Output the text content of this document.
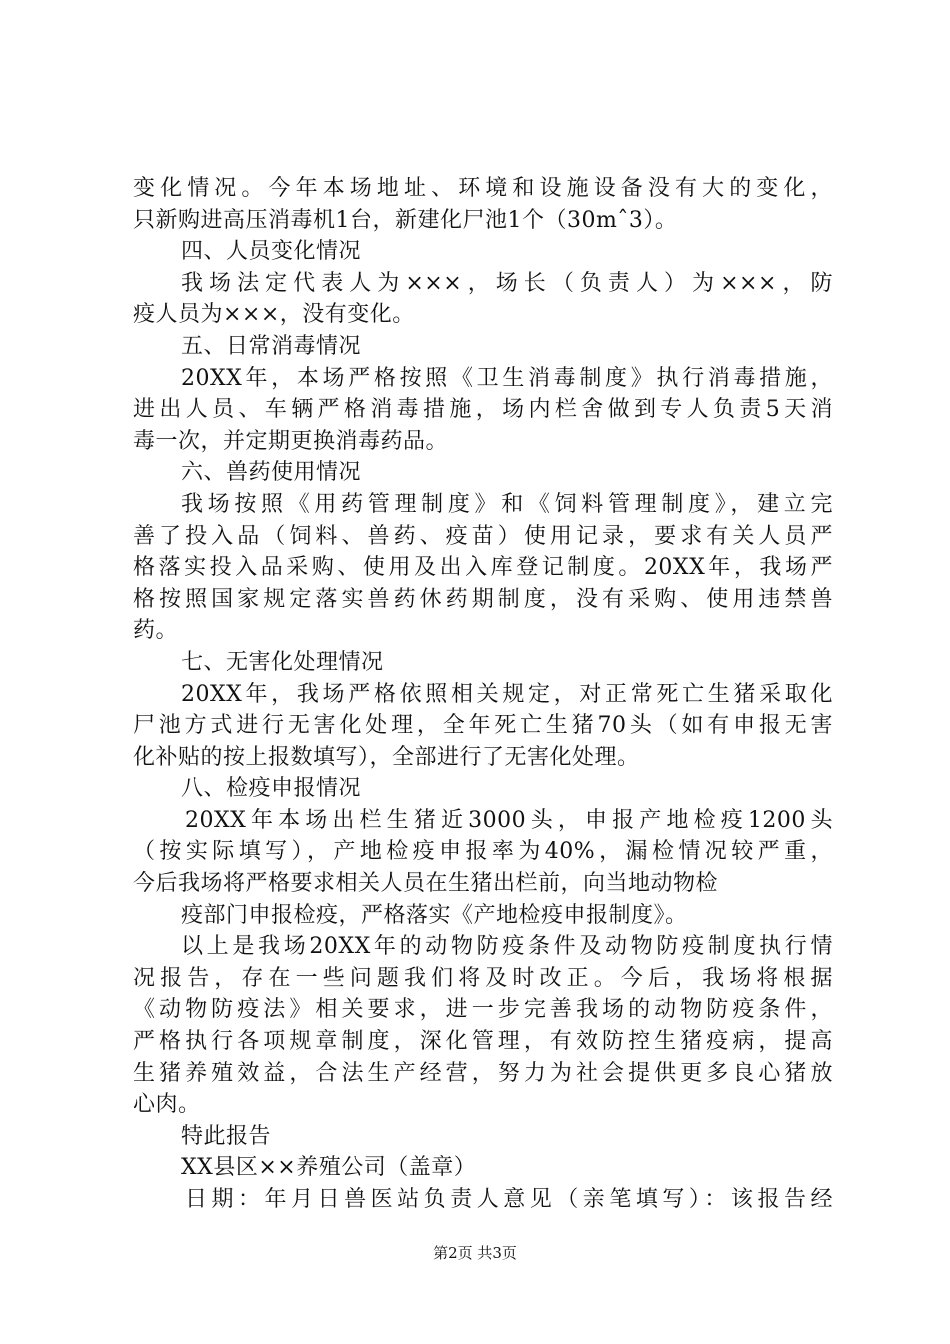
变化情况。今年本场地址、环境和设施设备没有大的变化，
只新购进高压消毒机1台，新建化尸池1个（30mˆ3）。
四、人员变化情况
我场法定代表人为×××，场长（负责人）为×××，防
疫人员为×××，没有变化。
五、日常消毒情况
20XX年，本场严格按照《卫生消毒制度》执行消毒措施，
进出人员、车辆严格消毒措施，场内栏舍做到专人负责5天消
毒一次，并定期更换消毒药品。
六、兽药使用情况
我场按照《用药管理制度》和《饲料管理制度》，建立完
善了投入品（饲料、兽药、疫苗）使用记录，要求有关人员严
格落实投入品采购、使用及出入库登记制度。20XX年，我场严
格按照国家规定落实兽药休药期制度，没有采购、使用违禁兽
药。
七、无害化处理情况
20XX年，我场严格依照相关规定，对正常死亡生猪采取化
尸池方式进行无害化处理，全年死亡生猪70头（如有申报无害
化补贴的按上报数填写），全部进行了无害化处理。
八、检疫申报情况
20XX年本场出栏生猪近3000头，申报产地检疫1200头
（按实际填写），产地检疫申报率为40%，漏检情况较严重，
今后我场将严格要求相关人员在生猪出栏前，向当地动物检
疫部门申报检疫，严格落实《产地检疫申报制度》。
以上是我场20XX年的动物防疫条件及动物防疫制度执行情
况报告，存在一些问题我们将及时改正。今后，我场将根据
《动物防疫法》相关要求，进一步完善我场的动物防疫条件，
严格执行各项规章制度，深化管理，有效防控生猪疫病，提高
生猪养殖效益，合法生产经营，努力为社会提供更多良心猪放
心肉。
特此报告
XX县区××养殖公司（盖章）
日期：年月日兽医站负责人意见（亲笔填写）：该报告经
第2页 共3页
